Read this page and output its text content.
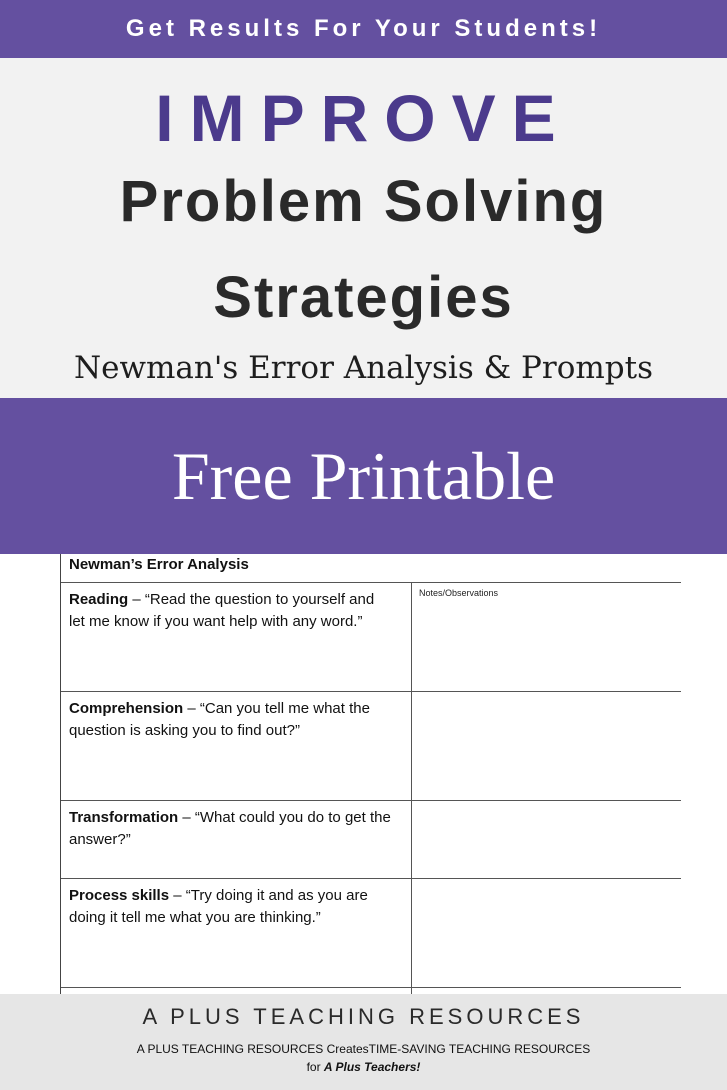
Get Results For Your Students!
IMPROVE
Problem Solving
Strategies
Newman's Error Analysis & Prompts
Free Printable
Newman’s Error Analysis
Notes/Observations
Reading – “Read the question to yourself and let me know if you want help with any word.”
Comprehension – “Can you tell me what the question is asking you to find out?”
Transformation – “What could you do to get the answer?”
Process skills – “Try doing it and as you are doing it tell me what you are thinking.”
A PLUS TEACHING RESOURCES
A PLUS TEACHING RESOURCES CreatesTIME-SAVING TEACHING RESOURCES
for A Plus Teachers!
